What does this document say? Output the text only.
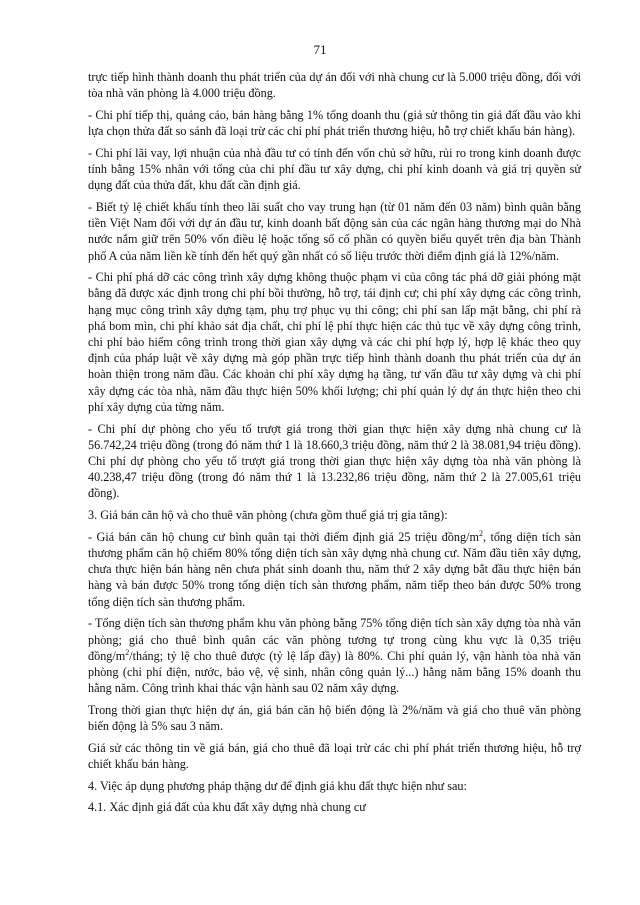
71

trực tiếp hình thành doanh thu phát triển của dự án đối với nhà chung cư là 5.000 triệu đồng, đối với tòa nhà văn phòng là 4.000 triệu đồng.

- Chi phí tiếp thị, quảng cáo, bán hàng bằng 1% tổng doanh thu (giả sử thông tin giá đất đầu vào khi lựa chọn thửa đất so sánh đã loại trừ các chi phí phát triển thương hiệu, hỗ trợ chiết khấu bán hàng).

- Chi phí lãi vay, lợi nhuận của nhà đầu tư có tính đến vốn chủ sở hữu, rủi ro trong kinh doanh được tính bằng 15% nhân với tổng của chi phí đầu tư xây dựng, chi phí kinh doanh và giá trị quyền sử dụng đất của thửa đất, khu đất cần định giá.

- Biết tỷ lệ chiết khấu tính theo lãi suất cho vay trung hạn (từ 01 năm đến 03 năm) bình quân bằng tiền Việt Nam đối với dự án đầu tư, kinh doanh bất động sản của các ngân hàng thương mại do Nhà nước nắm giữ trên 50% vốn điều lệ hoặc tổng số cổ phần có quyền biểu quyết trên địa bàn Thành phố A của năm liền kề tính đến hết quý gần nhất có số liệu trước thời điểm định giá là 12%/năm.

- Chi phí phá dỡ các công trình xây dựng không thuộc phạm vi của công tác phá dỡ giải phóng mặt bằng đã được xác định trong chi phí bồi thường, hỗ trợ, tái định cư; chi phí xây dựng các công trình, hạng mục công trình xây dựng tạm, phụ trợ phục vụ thi công; chi phí san lấp mặt bằng, chi phí rà phá bom mìn, chi phí khảo sát địa chất, chi phí lệ phí thực hiện các thủ tục về xây dựng công trình, chi phí bảo hiểm công trình trong thời gian xây dựng và các chi phí hợp lý, hợp lệ khác theo quy định của pháp luật về xây dựng mà góp phần trực tiếp hình thành doanh thu phát triển của dự án hoàn thiện trong năm đầu. Các khoản chi phí xây dựng hạ tầng, tư vấn đầu tư xây dựng và chi phí xây dựng các tòa nhà, năm đầu thực hiện 50% khối lượng; chi phí quản lý dự án thực hiện theo chi phí xây dựng của từng năm.

- Chi phí dự phòng cho yếu tố trượt giá trong thời gian thực hiện xây dựng nhà chung cư là 56.742,24 triệu đồng (trong đó năm thứ 1 là 18.660,3 triệu đồng, năm thứ 2 là 38.081,94 triệu đồng). Chi phí dự phòng cho yếu tố trượt giá trong thời gian thực hiện xây dựng tòa nhà văn phòng là 40.238,47 triệu đồng (trong đó năm thứ 1 là 13.232,86 triệu đồng, năm thứ 2 là 27.005,61 triệu đồng).

3. Giá bán căn hộ và cho thuê văn phòng (chưa gồm thuế giá trị gia tăng):

- Giá bán căn hộ chung cư bình quân tại thời điểm định giá 25 triệu đồng/$m^2$, tổng diện tích sàn thương phẩm căn hộ chiếm 80% tổng diện tích sàn xây dựng nhà chung cư. Năm đầu tiên xây dựng, chưa thực hiện bán hàng nên chưa phát sinh doanh thu, năm thứ 2 xây dựng bắt đầu thực hiện bán hàng và bán được 50% trong tổng diện tích sàn thương phẩm, năm tiếp theo bán được 50% trong tổng diện tích sàn thương phẩm.

- Tổng diện tích sàn thương phẩm khu văn phòng bằng 75% tổng diện tích sàn xây dựng tòa nhà văn phòng; giá cho thuê bình quân các văn phòng tương tự trong cùng khu vực là 0,35 triệu đồng/$m^2$/tháng; tỷ lệ cho thuê được (tỷ lệ lấp đầy) là 80%. Chi phí quản lý, vận hành tòa nhà văn phòng (chi phí điện, nước, bảo vệ, vệ sinh, nhân công quản lý...) hằng năm bằng 15% doanh thu hằng năm. Công trình khai thác vận hành sau 02 năm xây dựng.

Trong thời gian thực hiện dự án, giá bán căn hộ biến động là 2%/năm và giá cho thuê văn phòng biến động là 5% sau 3 năm.

Giá sử các thông tin về giá bán, giá cho thuê đã loại trừ các chi phí phát triển thương hiệu, hỗ trợ chiết khấu bán hàng.

4. Việc áp dụng phương pháp thặng dư để định giá khu đất thực hiện như sau:

4.1. Xác định giá đất của khu đất xây dựng nhà chung cư
